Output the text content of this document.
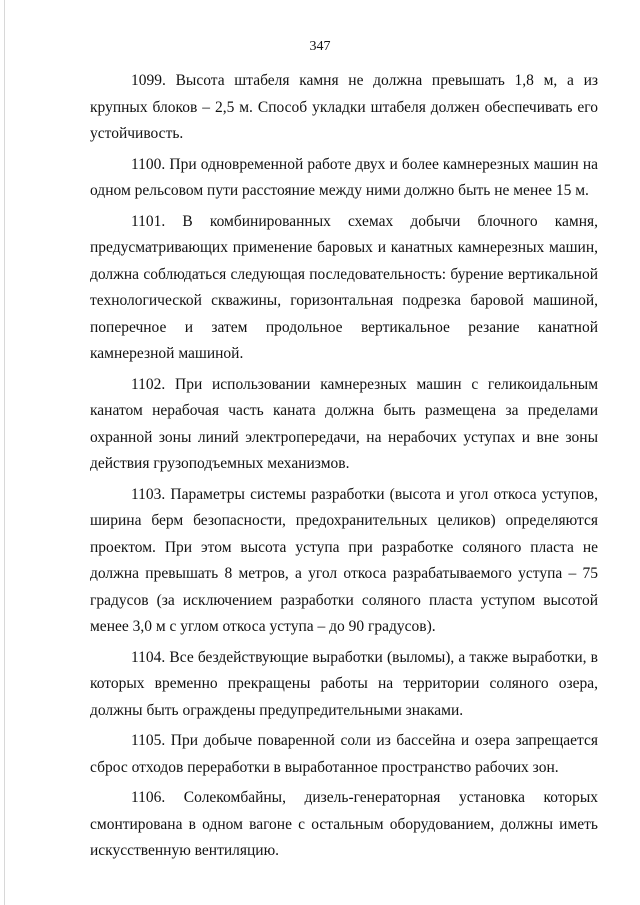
347

1099. Высота штабеля камня не должна превышать 1,8 м, а из крупных блоков – 2,5 м. Способ укладки штабеля должен обеспечивать его устойчивость.

1100. При одновременной работе двух и более камнерезных машин на одном рельсовом пути расстояние между ними должно быть не менее 15 м.

1101. В комбинированных схемах добычи блочного камня, предусматривающих применение баровых и канатных камнерезных машин, должна соблюдаться следующая последовательность: бурение вертикальной технологической скважины, горизонтальная подрезка баровой машиной, поперечное и затем продольное вертикальное резание канатной камнерезной машиной.

1102. При использовании камнерезных машин с геликоидальным канатом нерабочая часть каната должна быть размещена за пределами охранной зоны линий электропередачи, на нерабочих уступах и вне зоны действия грузоподъемных механизмов.

1103. Параметры системы разработки (высота и угол откоса уступов, ширина берм безопасности, предохранительных целиков) определяются проектом. При этом высота уступа при разработке соляного пласта не должна превышать 8 метров, а угол откоса разрабатываемого уступа – 75 градусов (за исключением разработки соляного пласта уступом высотой менее 3,0 м с углом откоса уступа – до 90 градусов).

1104. Все бездействующие выработки (выломы), а также выработки, в которых временно прекращены работы на территории соляного озера, должны быть ограждены предупредительными знаками.

1105. При добыче поваренной соли из бассейна и озера запрещается сброс отходов переработки в выработанное пространство рабочих зон.

1106. Солекомбайны, дизель-генераторная установка которых смонтирована в одном вагоне с остальным оборудованием, должны иметь искусственную вентиляцию.
